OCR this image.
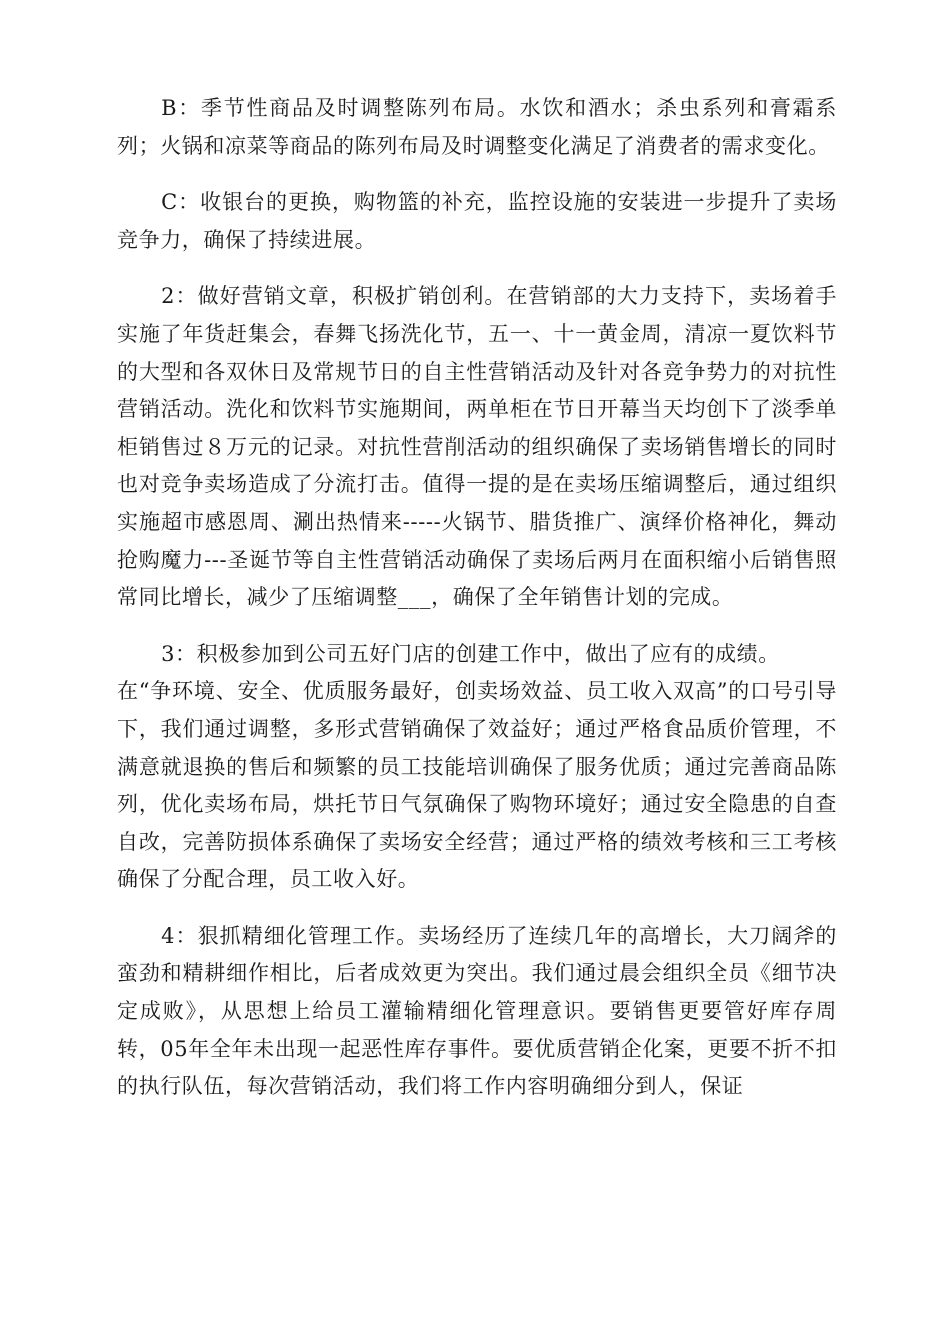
B：季节性商品及时调整陈列布局。水饮和酒水；杀虫系列和膏霜系列；火锅和凉菜等商品的陈列布局及时调整变化满足了消费者的需求变化。

C：收银台的更换，购物篮的补充，监控设施的安装进一步提升了卖场竞争力，确保了持续进展。

2：做好营销文章，积极扩销创利。在营销部的大力支持下，卖场着手实施了年货赶集会，春舞飞扬洗化节，五一、十一黄金周，清凉一夏饮料节的大型和各双休日及常规节日的自主性营销活动及针对各竞争势力的对抗性营销活动。洗化和饮料节实施期间，两单柜在节日开幕当天均创下了淡季单柜销售过８万元的记录。对抗性营削活动的组织确保了卖场销售增长的同时也对竞争卖场造成了分流打击。值得一提的是在卖场压缩调整后，通过组织实施超市感恩周、涮出热情来-----火锅节、腊货推广、演绎价格神化，舞动抢购魔力---圣诞节等自主性营销活动确保了卖场后两月在面积缩小后销售照常同比增长，减少了压缩调整___，确保了全年销售计划的完成。

3：积极参加到公司五好门店的创建工作中，做出了应有的成绩。

在“争环境、安全、优质服务最好，创卖场效益、员工收入双高”的口号引导下，我们通过调整，多形式营销确保了效益好；通过严格食品质价管理，不满意就退换的售后和频繁的员工技能培训确保了服务优质；通过完善商品陈列，优化卖场布局，烘托节日气氛确保了购物环境好；通过安全隐患的自查自改，完善防损体系确保了卖场安全经营；通过严格的绩效考核和三工考核确保了分配合理，员工收入好。

4：狠抓精细化管理工作。卖场经历了连续几年的高增长，大刀阔斧的蛮劲和精耕细作相比，后者成效更为突出。我们通过晨会组织全员《细节决定成败》，从思想上给员工灌输精细化管理意识。要销售更要管好库存周转，05年全年未出现一起恶性库存事件。要优质营销企化案，更要不折不扣的执行队伍，每次营销活动，我们将工作内容明确细分到人，保证
